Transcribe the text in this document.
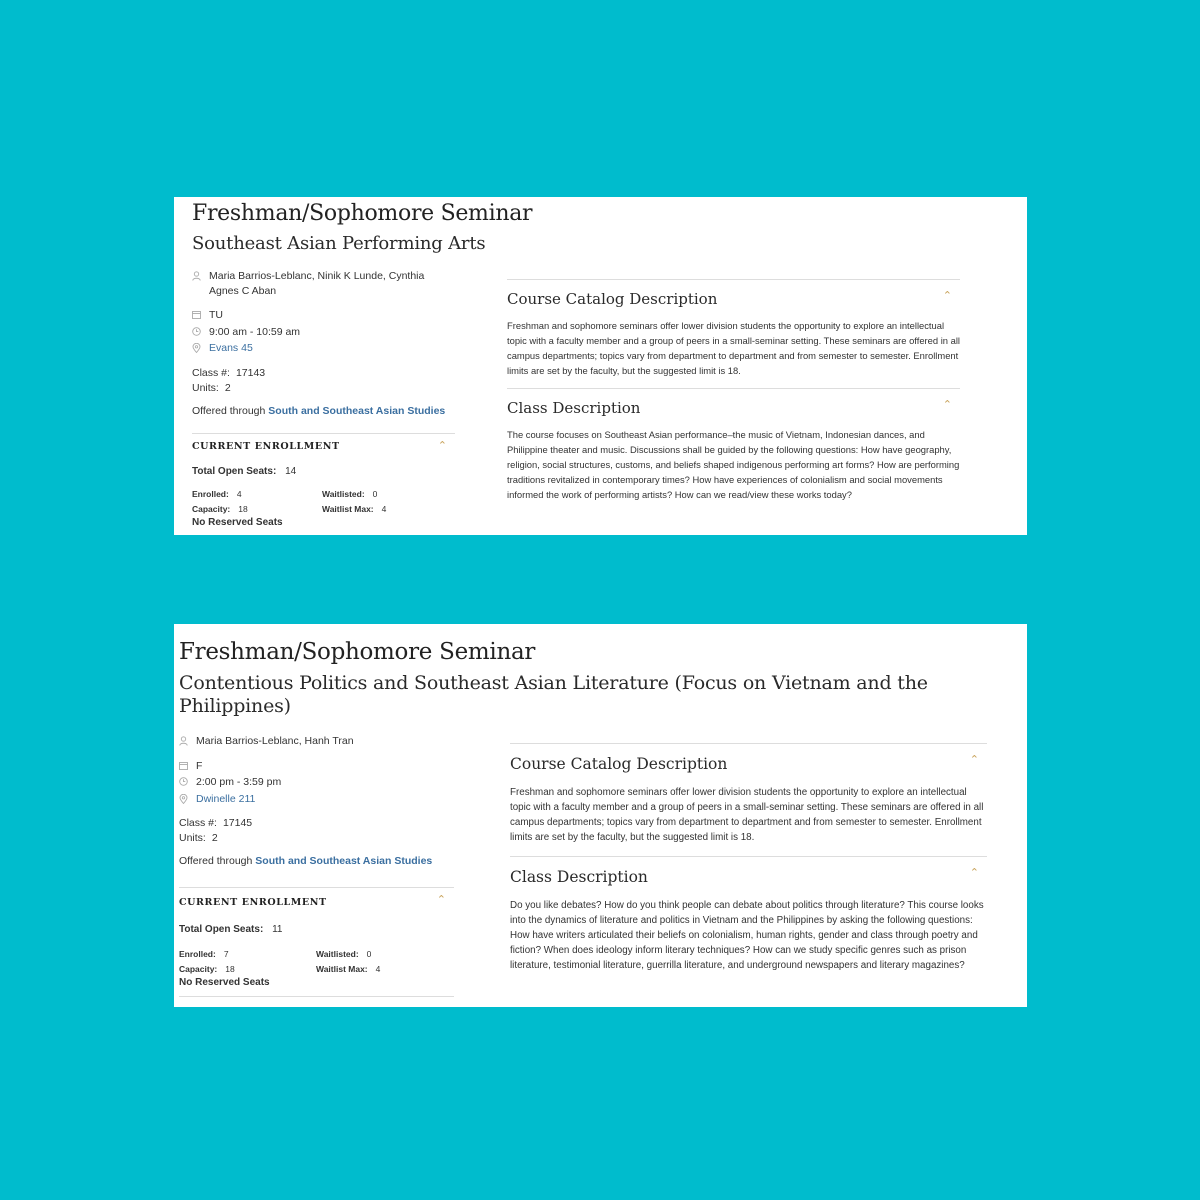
Freshman/Sophomore Seminar
Southeast Asian Performing Arts
Maria Barrios-Leblanc, Ninik K Lunde, Cynthia Agnes C Aban
TU
9:00 am - 10:59 am
Evans 45
Class #: 17143
Units: 2
Offered through South and Southeast Asian Studies
CURRENT ENROLLMENT	⌃
Total Open Seats: 14
Enrolled: 4	Waitlisted: 0
Capacity: 18	Waitlist Max: 4
No Reserved Seats
Course Catalog Description	⌃

Freshman and sophomore seminars offer lower division students the opportunity to explore an intellectual topic with a faculty member and a group of peers in a small-seminar setting. These seminars are offered in all campus departments; topics vary from department to department and from semester to semester. Enrollment limits are set by the faculty, but the suggested limit is 18.

Class Description	⌃

The course focuses on Southeast Asian performance–the music of Vietnam, Indonesian dances, and Philippine theater and music. Discussions shall be guided by the following questions: How have geography, religion, social structures, customs, and beliefs shaped indigenous performing art forms? How are performing traditions revitalized in contemporary times? How have experiences of colonialism and social movements informed the work of performing artists? How can we read/view these works today?

Freshman/Sophomore Seminar
Contentious Politics and Southeast Asian Literature (Focus on Vietnam and the Philippines)
Maria Barrios-Leblanc, Hanh Tran
F
2:00 pm - 3:59 pm
Dwinelle 211
Class #: 17145
Units: 2
Offered through South and Southeast Asian Studies
CURRENT ENROLLMENT	⌃
Total Open Seats: 11
Enrolled: 7	Waitlisted: 0
Capacity: 18	Waitlist Max: 4
No Reserved Seats
Course Catalog Description	⌃

Freshman and sophomore seminars offer lower division students the opportunity to explore an intellectual topic with a faculty member and a group of peers in a small-seminar setting. These seminars are offered in all campus departments; topics vary from department to department and from semester to semester. Enrollment limits are set by the faculty, but the suggested limit is 18.

Class Description	⌃

Do you like debates? How do you think people can debate about politics through literature? This course looks into the dynamics of literature and politics in Vietnam and the Philippines by asking the following questions: How have writers articulated their beliefs on colonialism, human rights, gender and class through poetry and fiction? When does ideology inform literary techniques? How can we study specific genres such as prison literature, testimonial literature, guerrilla literature, and underground newspapers and literary magazines?
